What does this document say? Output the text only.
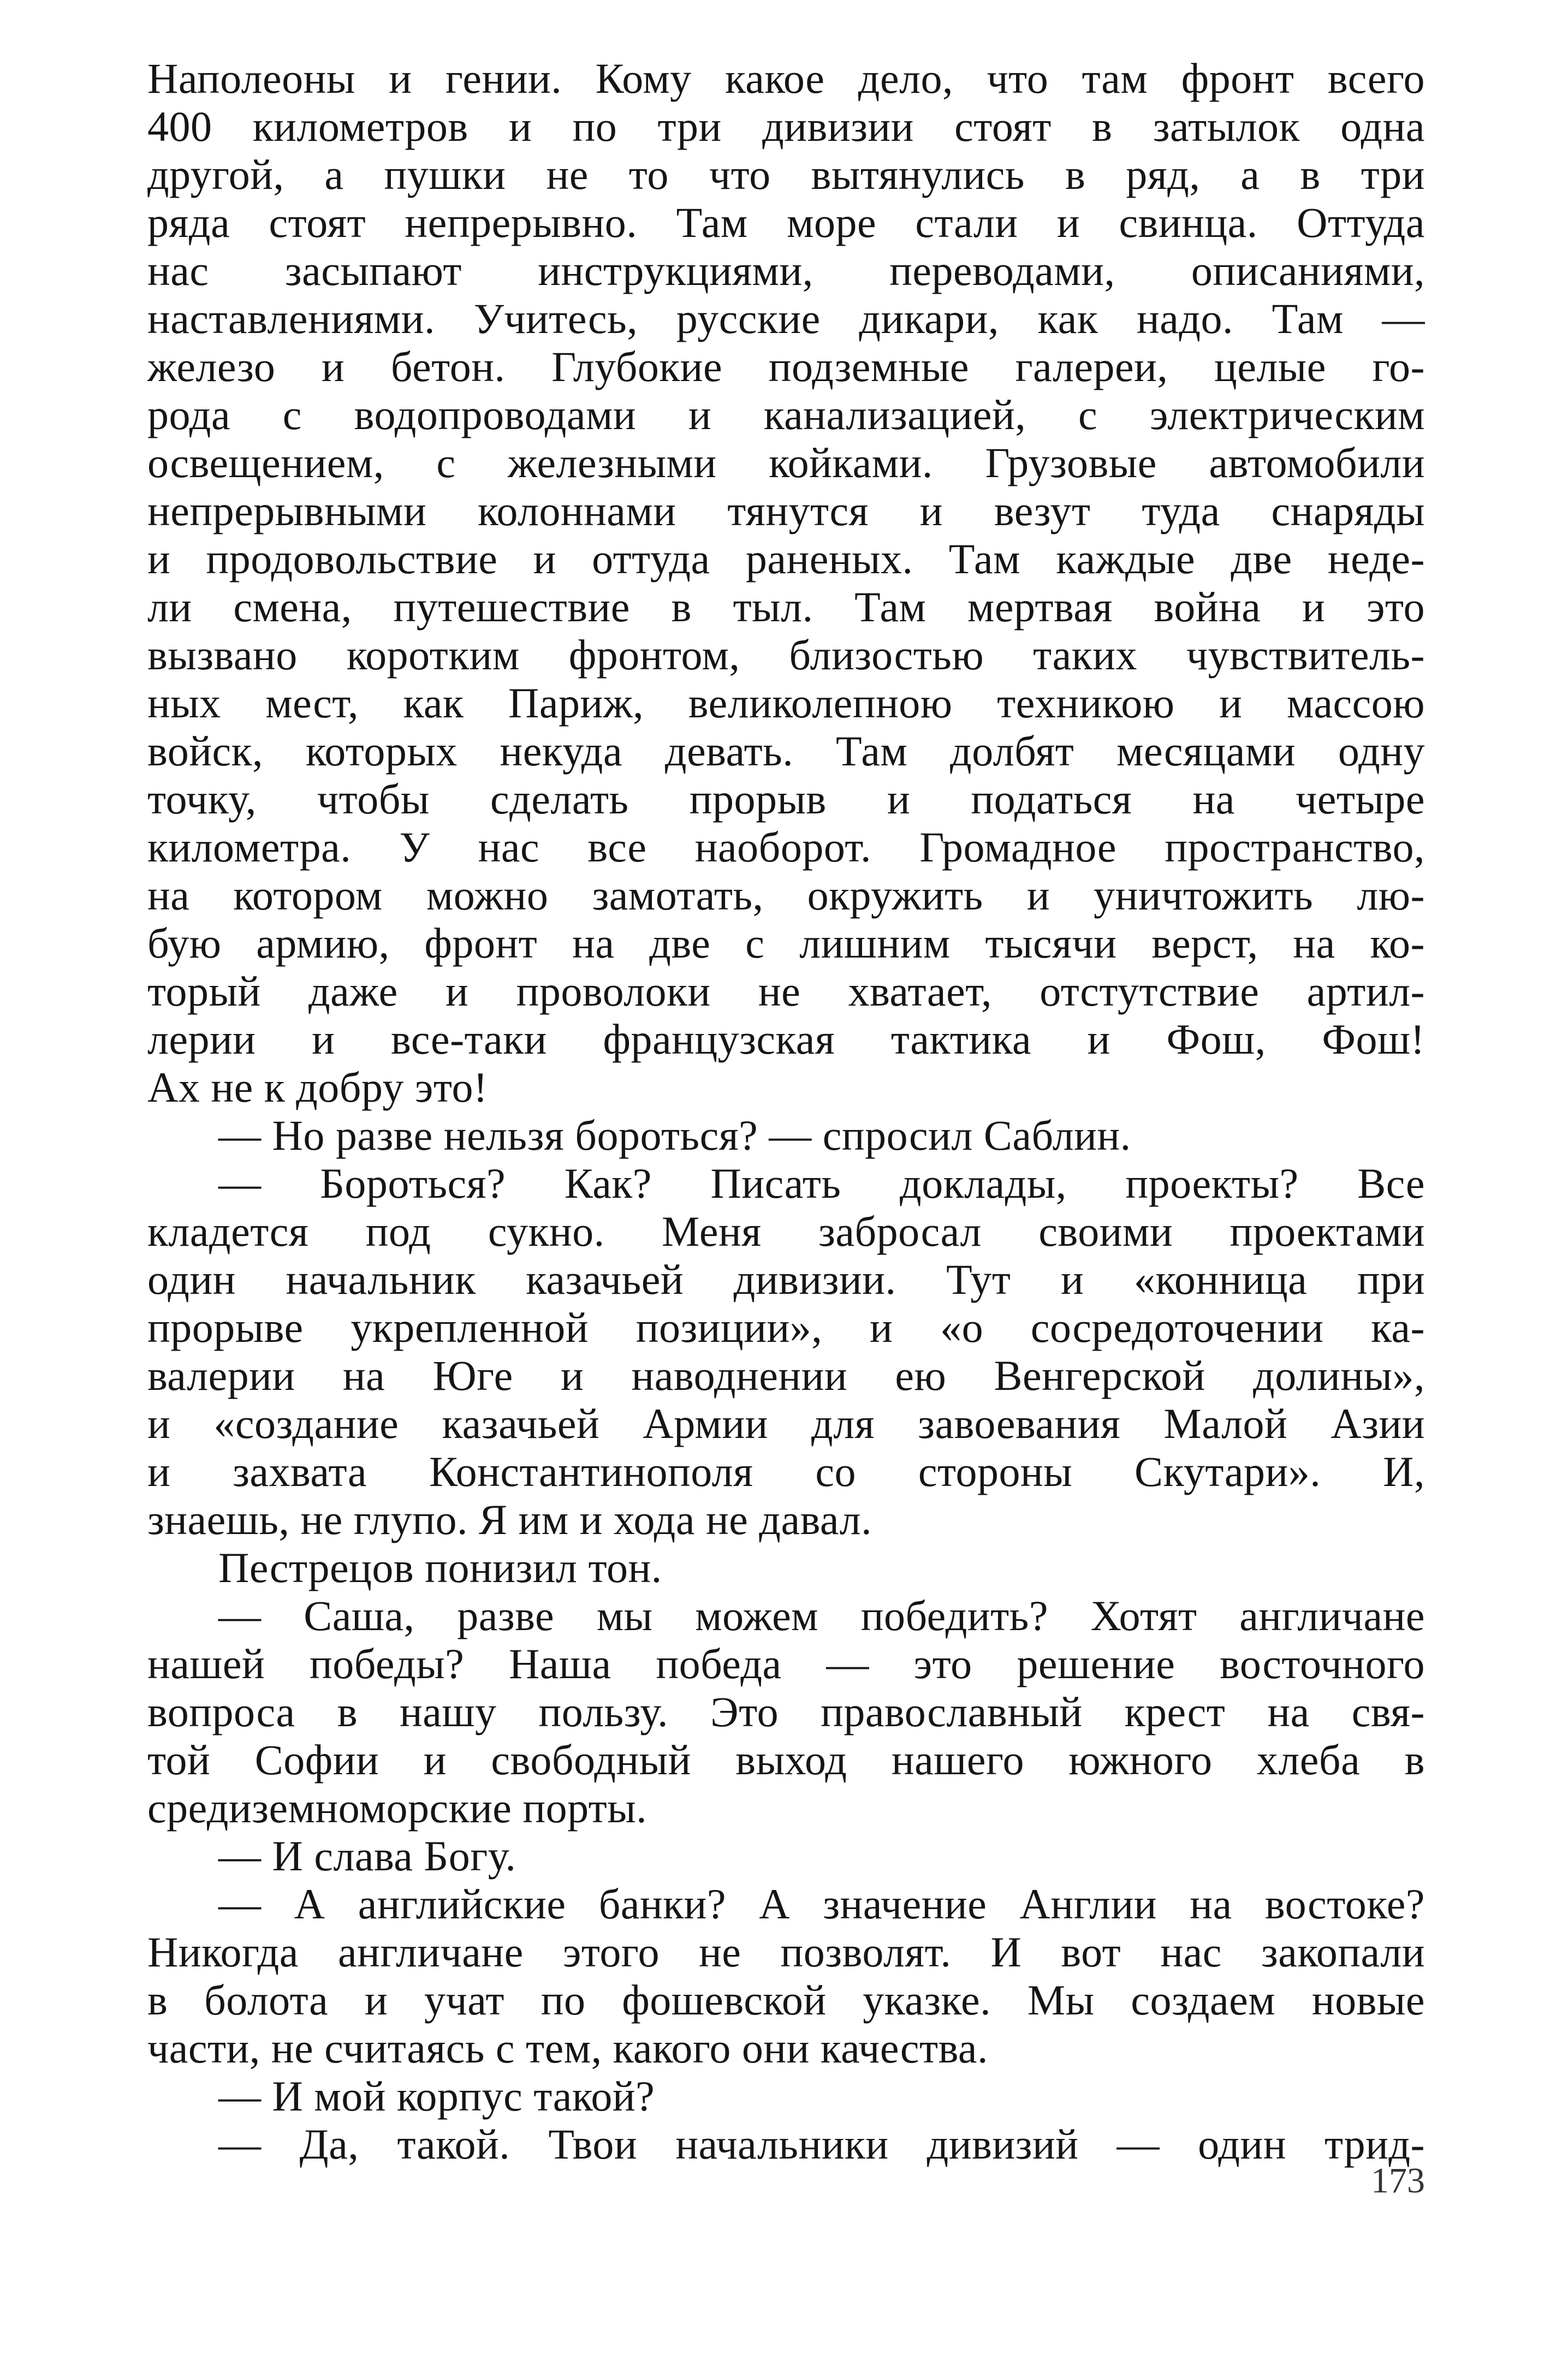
Наполеоны и гении. Кому какое дело, что там фронт всего
400 километров и по три дивизии стоят в затылок одна
другой, а пушки не то что вытянулись в ряд, а в три
ряда стоят непрерывно. Там море стали и свинца. Оттуда
нас засыпают инструкциями, переводами, описаниями,
наставлениями. Учитесь, русские дикари, как надо. Там —
железо и бетон. Глубокие подземные галереи, целые го-
рода с водопроводами и канализацией, с электрическим
освещением, с железными койками. Грузовые автомобили
непрерывными колоннами тянутся и везут туда снаряды
и продовольствие и оттуда раненых. Там каждые две неде-
ли смена, путешествие в тыл. Там мертвая война и это
вызвано коротким фронтом, близостью таких чувствитель-
ных мест, как Париж, великолепною техникою и массою
войск, которых некуда девать. Там долбят месяцами одну
точку, чтобы сделать прорыв и податься на четыре
километра. У нас все наоборот. Громадное пространство,
на котором можно замотать, окружить и уничтожить лю-
бую армию, фронт на две с лишним тысячи верст, на ко-
торый даже и проволоки не хватает, отстутствие артил-
лерии и все-таки французская тактика и Фош, Фош!
Ах не к добру это!
— Но разве нельзя бороться? — спросил Саблин.
— Бороться? Как? Писать доклады, проекты? Все
кладется под сукно. Меня забросал своими проектами
один начальник казачьей дивизии. Тут и «конница при
прорыве укрепленной позиции», и «о сосредоточении ка-
валерии на Юге и наводнении ею Венгерской долины»,
и «создание казачьей Армии для завоевания Малой Азии
и захвата Константинополя со стороны Скутари». И,
знаешь, не глупо. Я им и хода не давал.
Пестрецов понизил тон.
— Саша, разве мы можем победить? Хотят англичане
нашей победы? Наша победа — это решение восточного
вопроса в нашу пользу. Это православный крест на свя-
той Софии и свободный выход нашего южного хлеба в
средиземноморские порты.
— И слава Богу.
— А английские банки? А значение Англии на востоке?
Никогда англичане этого не позволят. И вот нас закопали
в болота и учат по фошевской указке. Мы создаем новые
части, не считаясь с тем, какого они качества.
— И мой корпус такой?
— Да, такой. Твои начальники дивизий — один трид-
173
